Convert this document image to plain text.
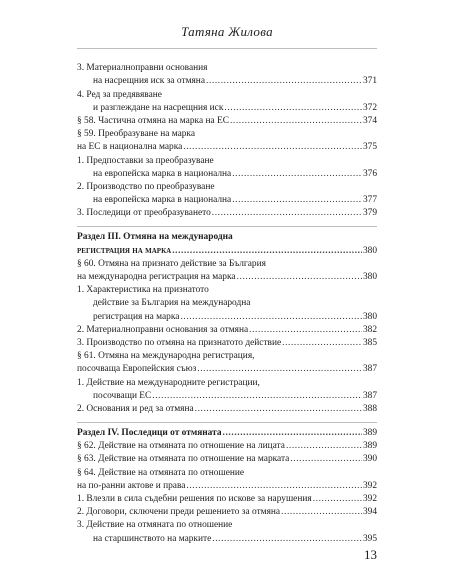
Татяна Жилова
3. Материалноправни основания
на насрещния иск за отмяна .....	371
4. Ред за предявяване
и разглеждане на насрещния иск .....	372
§ 58. Частична отмяна на марка на ЕС .....	374
§ 59. Преобразуване на марка
на ЕС в национална марка .....	375
1. Предпоставки за преобразуване
на европейска марка в национална .....	376
2. Производство по преобразуване
на европейска марка в национална .....	377
3. Последици от преобразуването .....	379
Раздел III. Отмяна на международна
регистрация на марка .....	380
§ 60. Отмяна на признато действие за България
на международна регистрация на марка .....	380
1. Характеристика на признатото
действие за България на международна
регистрация на марка .....	380
2. Материалноправни основания за отмяна .....	382
3. Производство по отмяна на признатото действие .....	385
§ 61. Отмяна на международна регистрация,
посочваща Европейския съюз .....	387
1. Действие на международните регистрации,
посочващи ЕС .....	387
2. Основания и ред за отмяна .....	388
Раздел IV. Последици от отмяната .....	389
§ 62. Действие на отмяната по отношение на лицата .....	389
§ 63. Действие на отмяната по отношение на марката .....	390
§ 64. Действие на отмяната по отношение
на по-ранни актове и права .....	392
1. Влезли в сила съдебни решения по искове за нарушения .....	392
2. Договори, сключени преди решението за отмяна .....	394
3. Действие на отмяната по отношение
на старшинството на марките .....	395
13
